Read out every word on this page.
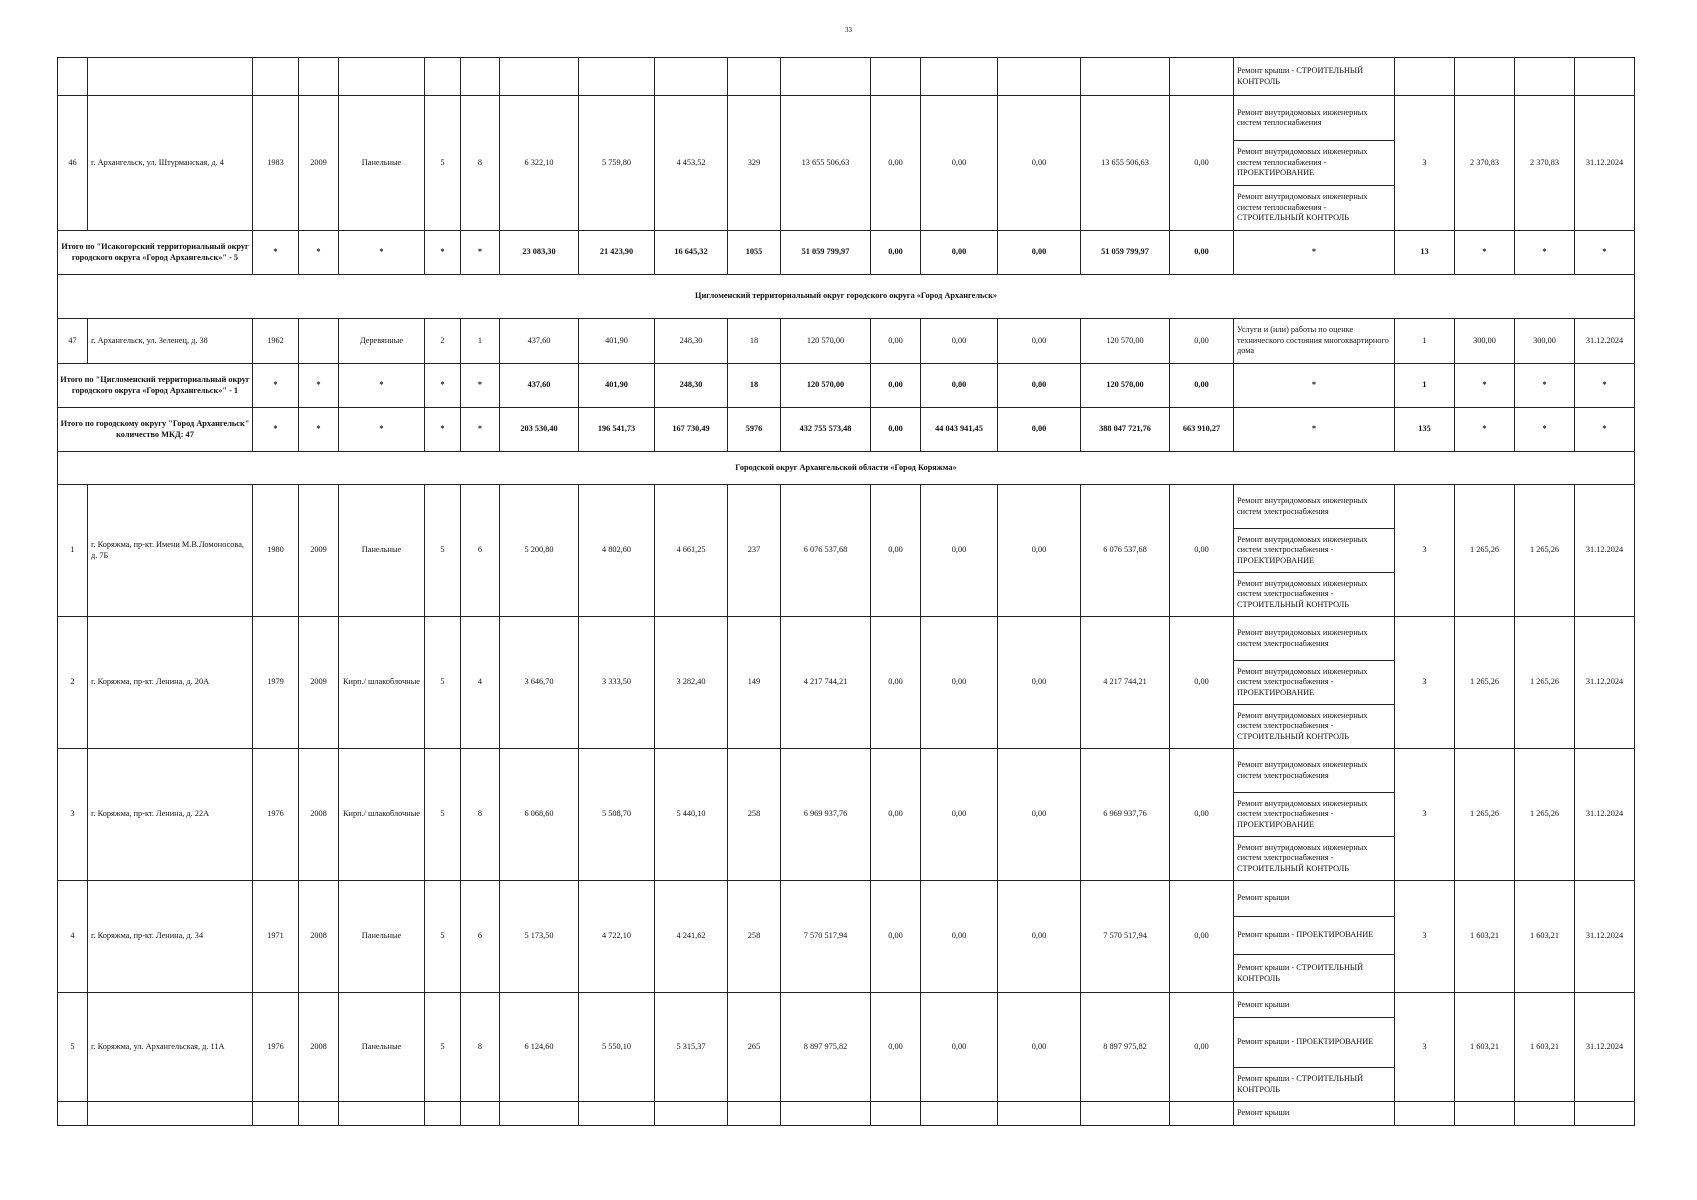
33
																	Ремонт крыши - СТРОИТЕЛЬНЫЙ КОНТРОЛЬ				
46	г. Архангельск, ул. Штурманская, д. 4	1983	2009	Панельные	5	8	6 322,10	5 759,80	4 453,52	329	13 655 506,63	0,00	0,00	0,00	13 655 506,63	0,00	Ремонт внутридомовых инженерных систем теплоснабжения	3	2 370,83	2 370,83	31.12.2024
																	Ремонт внутридомовых инженерных систем теплоснабжения - ПРОЕКТИРОВАНИЕ				
																	Ремонт внутридомовых инженерных систем теплоснабжения - СТРОИТЕЛЬНЫЙ КОНТРОЛЬ				
Итого по "Исакогорский территориальный округ городского округа «Город Архангельск»" - 5		*	*	*	*	*	23 083,30	21 423,90	16 645,32	1055	51 059 799,97	0,00	0,00	0,00	51 059 799,97	0,00	*	13	*	*	*
Цигломенский территориальный округ городского округа «Город Архангельск»																					
47	г. Архангельск, ул. Зеленец, д. 38	1962		Деревянные	2	1	437,60	401,90	248,30	18	120 570,00	0,00	0,00	0,00	120 570,00	0,00	Услуги и (или) работы по оценке технического состояния многоквартирного дома	1	300,00	300,00	31.12.2024
Итого по "Цигломенский территориальный округ городского округа «Город Архангельск»" - 1		*	*	*	*	*	437,60	401,90	248,30	18	120 570,00	0,00	0,00	0,00	120 570,00	0,00	*	1	*	*	*
Итого по городскому округу "Город Архангельск" количество МКД: 47		*	*	*	*	*	203 530,40	196 541,73	167 730,49	5976	432 755 573,48	0,00	44 043 941,45	0,00	388 047 721,76	663 910,27	*	135	*	*	*
Городской округ Архангельской области «Город Коряжма»																					
1	г. Коряжма, пр-кт. Имени М.В.Ломоносова, д. 7Б	1980	2009	Панельные	5	6	5 200,80	4 802,60	4 661,25	237	6 076 537,68	0,00	0,00	0,00	6 076 537,68	0,00	Ремонт внутридомовых инженерных систем электроснабжения	3	1 265,26	1 265,26	31.12.2024
																	Ремонт внутридомовых инженерных систем электроснабжения - ПРОЕКТИРОВАНИЕ				
																	Ремонт внутридомовых инженерных систем электроснабжения - СТРОИТЕЛЬНЫЙ КОНТРОЛЬ				
2	г. Коряжма, пр-кт. Ленина, д. 20А	1979	2009	Кирп./ шлакоблочные	5	4	3 646,70	3 333,50	3 282,40	149	4 217 744,21	0,00	0,00	0,00	4 217 744,21	0,00	Ремонт внутридомовых инженерных систем электроснабжения	3	1 265,26	1 265,26	31.12.2024
																	Ремонт внутридомовых инженерных систем электроснабжения - ПРОЕКТИРОВАНИЕ				
																	Ремонт внутридомовых инженерных систем электроснабжения - СТРОИТЕЛЬНЫЙ КОНТРОЛЬ				
3	г. Коряжма, пр-кт. Ленина, д. 22А	1976	2008	Кирп./ шлакоблочные	5	8	6 068,60	5 508,70	5 440,10	258	6 969 937,76	0,00	0,00	0,00	6 969 937,76	0,00	Ремонт внутридомовых инженерных систем электроснабжения	3	1 265,26	1 265,26	31.12.2024
																	Ремонт внутридомовых инженерных систем электроснабжения - ПРОЕКТИРОВАНИЕ				
																	Ремонт внутридомовых инженерных систем электроснабжения - СТРОИТЕЛЬНЫЙ КОНТРОЛЬ				
4	г. Коряжма, пр-кт. Ленина, д. 34	1971	2008	Панельные	5	6	5 173,50	4 722,10	4 241,62	258	7 570 517,94	0,00	0,00	0,00	7 570 517,94	0,00	Ремонт крыши	3	1 603,21	1 603,21	31.12.2024
																	Ремонт крыши - ПРОЕКТИРОВАНИЕ				
																	Ремонт крыши - СТРОИТЕЛЬНЫЙ КОНТРОЛЬ				
5	г. Коряжма, ул. Архангельская, д. 11А	1976	2008	Панельные	5	8	6 124,60	5 550,10	5 315,37	265	8 897 975,82	0,00	0,00	0,00	8 897 975,82	0,00	Ремонт крыши	3	1 603,21	1 603,21	31.12.2024
																	Ремонт крыши - ПРОЕКТИРОВАНИЕ				
																	Ремонт крыши - СТРОИТЕЛЬНЫЙ КОНТРОЛЬ				
																	Ремонт крыши				
